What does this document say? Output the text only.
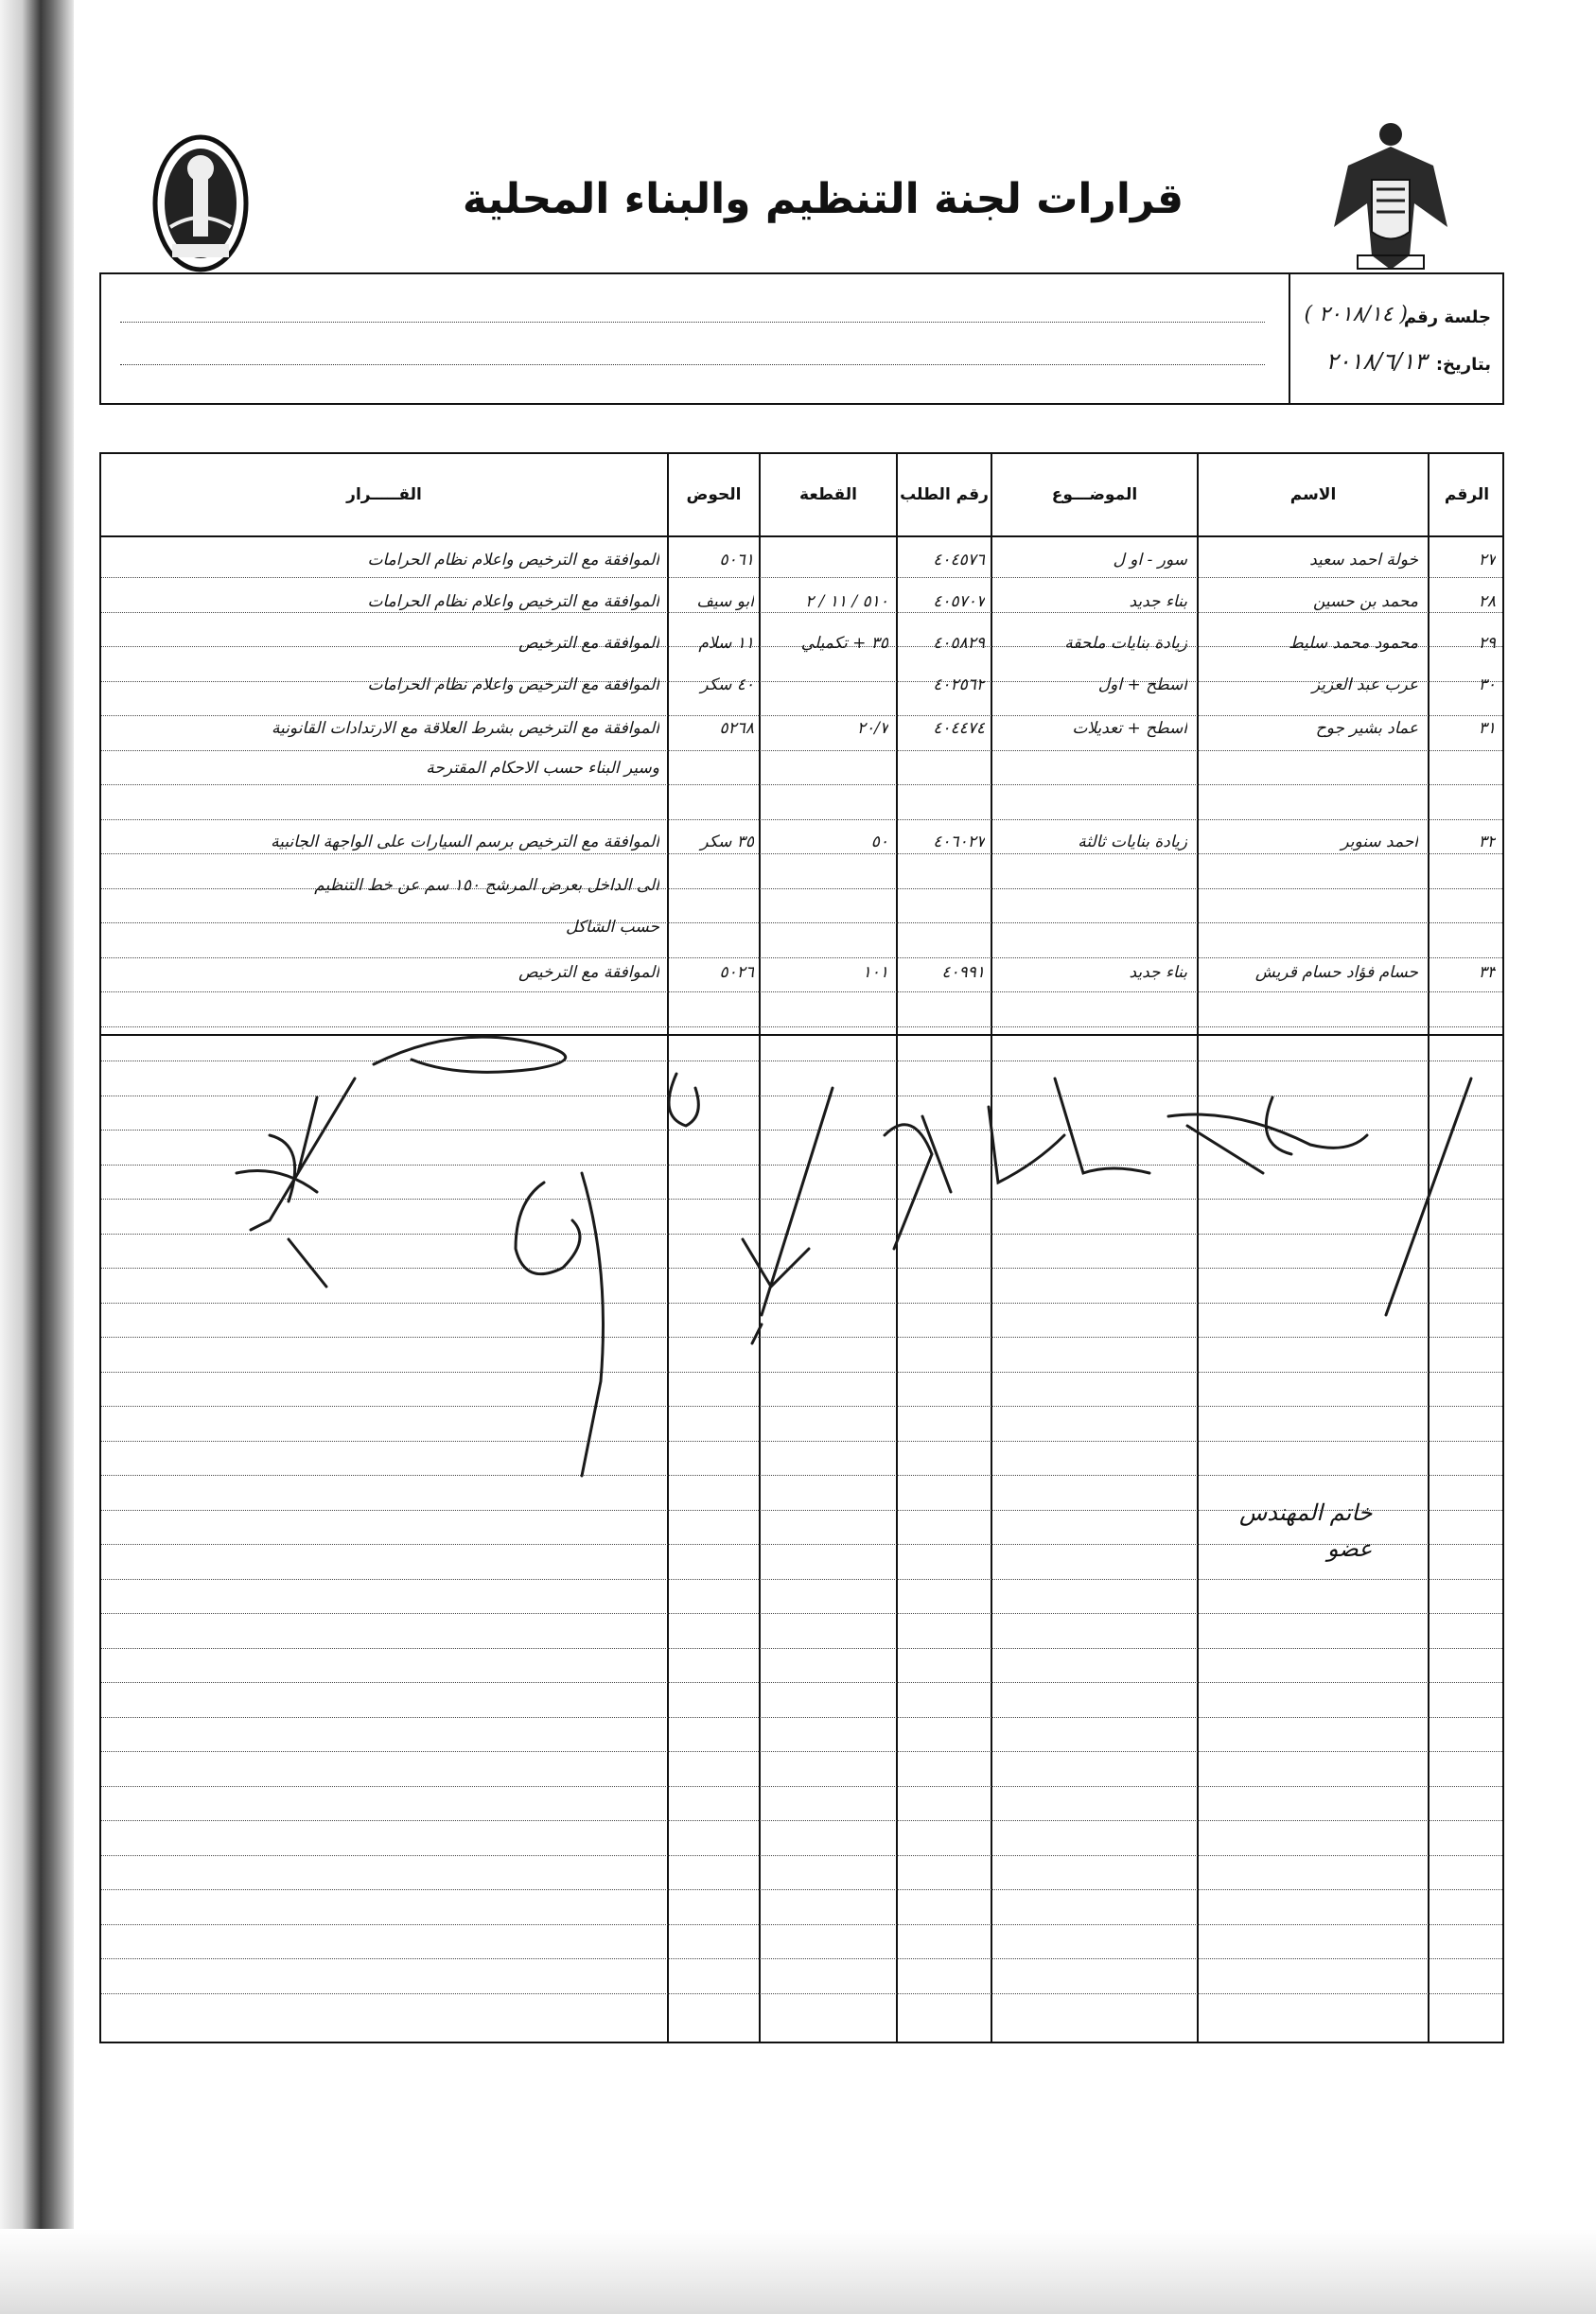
قرارات لجنة التنظيم والبناء المحلية
جلسة رقم
( ٢٠١٨/١٤ )
بتاريخ:
٢٠١٨/٦/١٣
الرقم
الاسم
الموضـــوع
رقم الطلب
القطعة
الحوض
القـــــرار
٢٧
خولة احمد سعيد
سور - او ل
٤٠٤٥٧٦
٥٠٦١
الموافقة مع الترخيص واعلام نظام الحرامات
٢٨
محمد بن حسين
بناء جديد
٤٠٥٧٠٧
٥١٠ / ١١ / ٢
ابو سيف
الموافقة مع الترخيص واعلام نظام الحرامات
٢٩
محمود محمد سليط
زيادة بنايات ملحقة
٤٠٥٨٢٩
٣٥ + تكميلي
١١ سلام
الموافقة مع الترخيص
٣٠
عرب عبد العزيز
اسطح + اول
٤٠٢٥٦٢
٤٠ سكر
الموافقة مع الترخيص واعلام نظام الحرامات
٣١
عماد بشير جوح
اسطح + تعديلات
٤٠٤٤٧٤
٢٠/٧
٥٢٦٨
الموافقة مع الترخيص بشرط العلاقة مع الارتدادات القانونية
وسير البناء حسب الاحكام المقترحة
٣٢
احمد سنوبر
زيادة بنايات ثالثة
٤٠٦٠٢٧
٥٠
٣٥ سكر
الموافقة مع الترخيص برسم السيارات على الواجهة الجانبية
الى الداخل بعرض المرشح ١٥٠ سم عن خط التنظيم
حسب الشاكل
٣٣
حسام فؤاد حسام قريش
بناء جديد
٤٠٩٩١
١٠١
٥٠٢٦
الموافقة مع الترخيص
خاتم المهندس
عضو
